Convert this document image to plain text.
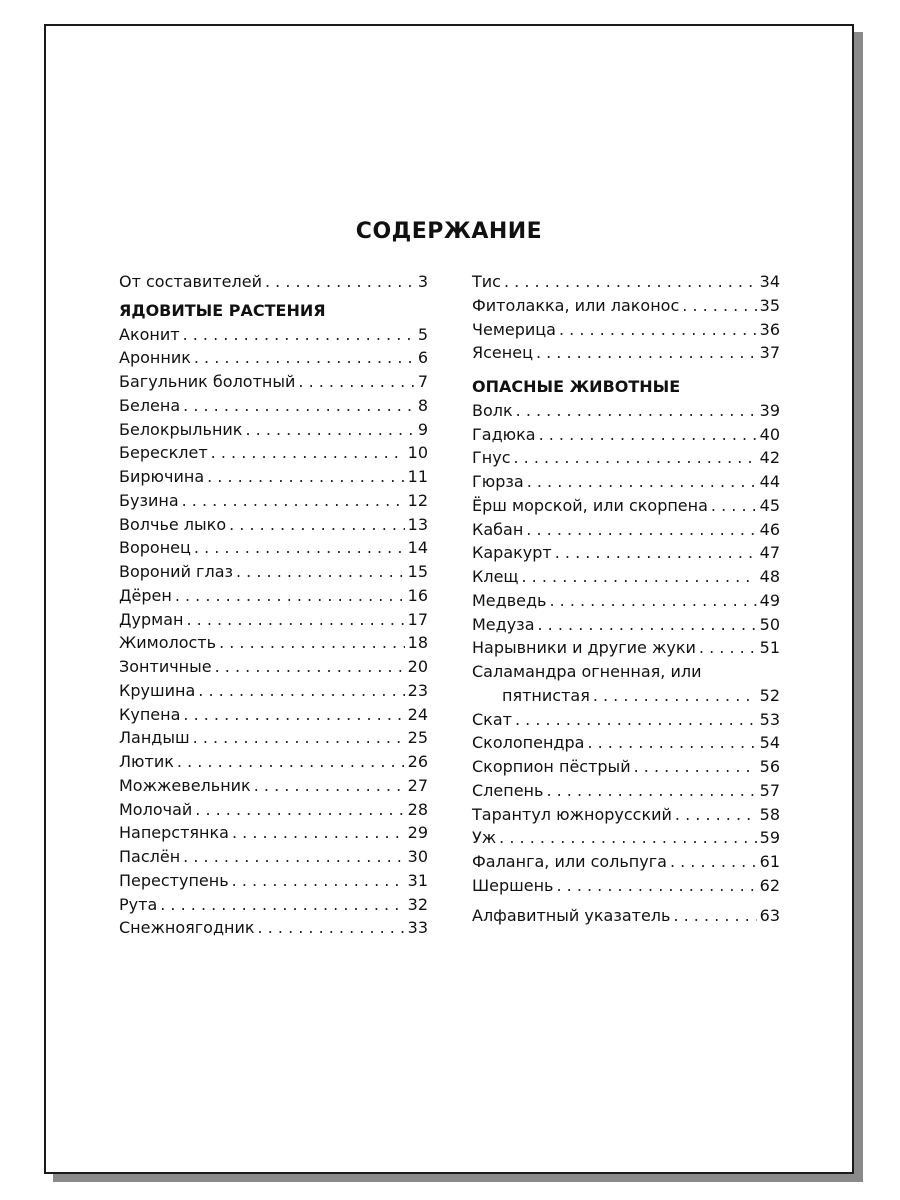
СОДЕРЖАНИЕ
От составителей . . .	3
ЯДОВИТЫЕ РАСТЕНИЯ
Аконит . . .	5
Аронник . . .	6
Багульник болотный . . .	7
Белена . . .	8
Белокрыльник . . .	9
Бересклет . . .	10
Бирючина . . .	11
Бузина . . .	12
Волчье лыко . . .	13
Воронец . . .	14
Вороний глаз . . .	15
Дёрен . . .	16
Дурман . . .	17
Жимолость . . .	18
Зонтичные . . .	20
Крушина . . .	23
Купена . . .	24
Ландыш . . .	25
Лютик . . .	26
Можжевельник . . .	27
Молочай . . .	28
Наперстянка . . .	29
Паслён . . .	30
Переступень . . .	31
Рута . . .	32
Снежноягодник . . .	33
Тис . . .	34
Фитолакка, или лаконос . . .	35
Чемерица . . .	36
Ясенец . . .	37
ОПАСНЫЕ ЖИВОТНЫЕ
Волк . . .	39
Гадюка . . .	40
Гнус . . .	42
Гюрза . . .	44
Ёрш морской, или скорпена . . .	45
Кабан . . .	46
Каракурт . . .	47
Клещ . . .	48
Медведь . . .	49
Медуза . . .	50
Нарывники и другие жуки . . .	51
Саламандра огненная, или
пятнистая . . .	52
Скат . . .	53
Сколопендра . . .	54
Скорпион пёстрый . . .	56
Слепень . . .	57
Тарантул южнорусский . . .	58
Уж . . .	59
Фаланга, или сольпуга . . .	61
Шершень . . .	62
Алфавитный указатель . . .	63
